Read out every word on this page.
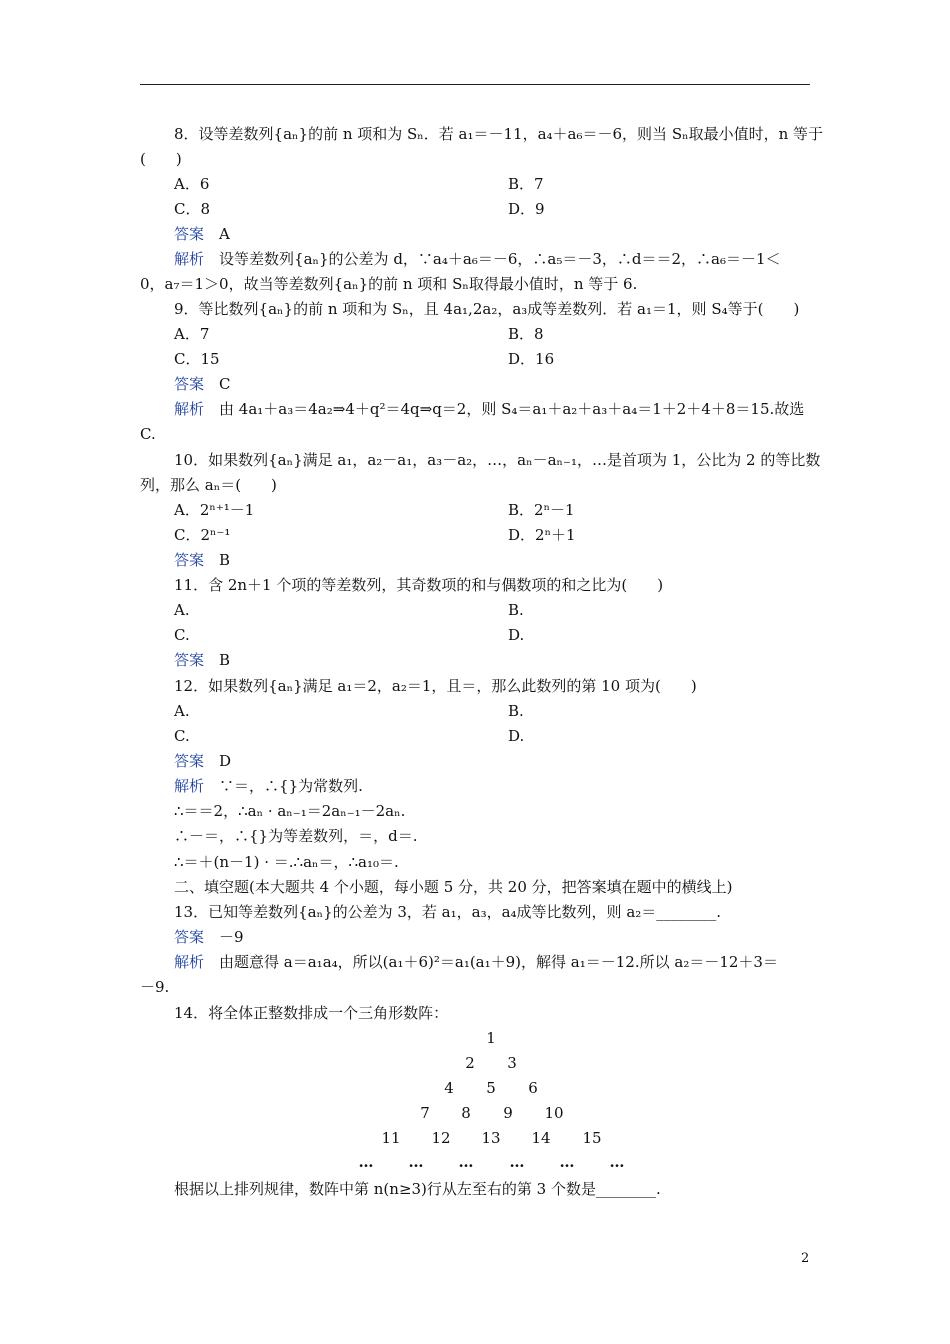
8．设等差数列{aₙ}的前 n 项和为 Sₙ．若 a₁＝－11，a₄＋a₆＝－6，则当 Sₙ取最小值时，n 等于
(　　)
A．6	B．7
C．8	D．9
答案　 A
解析　 设等差数列{aₙ}的公差为 d，∵a₄＋a₆＝－6，∴a₅＝－3，∴d＝＝2，∴a₆＝－1＜
0，a₇＝1＞0，故当等差数列{aₙ}的前 n 项和 Sₙ取得最小值时，n 等于 6.
9．等比数列{aₙ}的前 n 项和为 Sₙ，且 4a₁,2a₂，a₃成等差数列．若 a₁＝1，则 S₄等于(　　)
A．7	B．8
C．15	D．16
答案　 C
解析　 由 4a₁＋a₃＝4a₂⇒4＋q²＝4q⇒q＝2，则 S₄＝a₁＋a₂＋a₃＋a₄＝1＋2＋4＋8＝15.故选
C.
10．如果数列{aₙ}满足 a₁，a₂－a₁，a₃－a₂，…，aₙ－aₙ₋₁，…是首项为 1，公比为 2 的等比数
列，那么 aₙ＝(　　)
A．2ⁿ⁺¹－1	B．2ⁿ－1
C．2ⁿ⁻¹	D．2ⁿ＋1
答案　 B
11．含 2n＋1 个项的等差数列，其奇数项的和与偶数项的和之比为(　　)
A.	B.
C.	D.
答案　 B
12．如果数列{aₙ}满足 a₁＝2，a₂＝1，且＝，那么此数列的第 10 项为(　　)
A.	B.
C.	D.
答案　 D
解析　 ∵＝，∴{}为常数列.
∴＝＝2，∴aₙ · aₙ₋₁＝2aₙ₋₁－2aₙ.
∴－＝，∴{}为等差数列，＝，d＝.
∴＝＋(n－1) · ＝.∴aₙ＝，∴a₁₀＝.
二、填空题(本大题共 4 个小题，每小题 5 分，共 20 分，把答案填在题中的横线上)
13．已知等差数列{aₙ}的公差为 3，若 a₁，a₃，a₄成等比数列，则 a₂＝________.
答案　 －9
解析　 由题意得 a＝a₁a₄，所以(a₁＋6)²＝a₁(a₁＋9)，解得 a₁＝－12.所以 a₂＝－12＋3＝
－9.
14．将全体正整数排成一个三角形数阵：
1
2	3
4	5	6
7	8	9	10
11	12	13	14	15
…	…	…	…	…	…
根据以上排列规律，数阵中第 n(n≥3)行从左至右的第 3 个数是________.
2
